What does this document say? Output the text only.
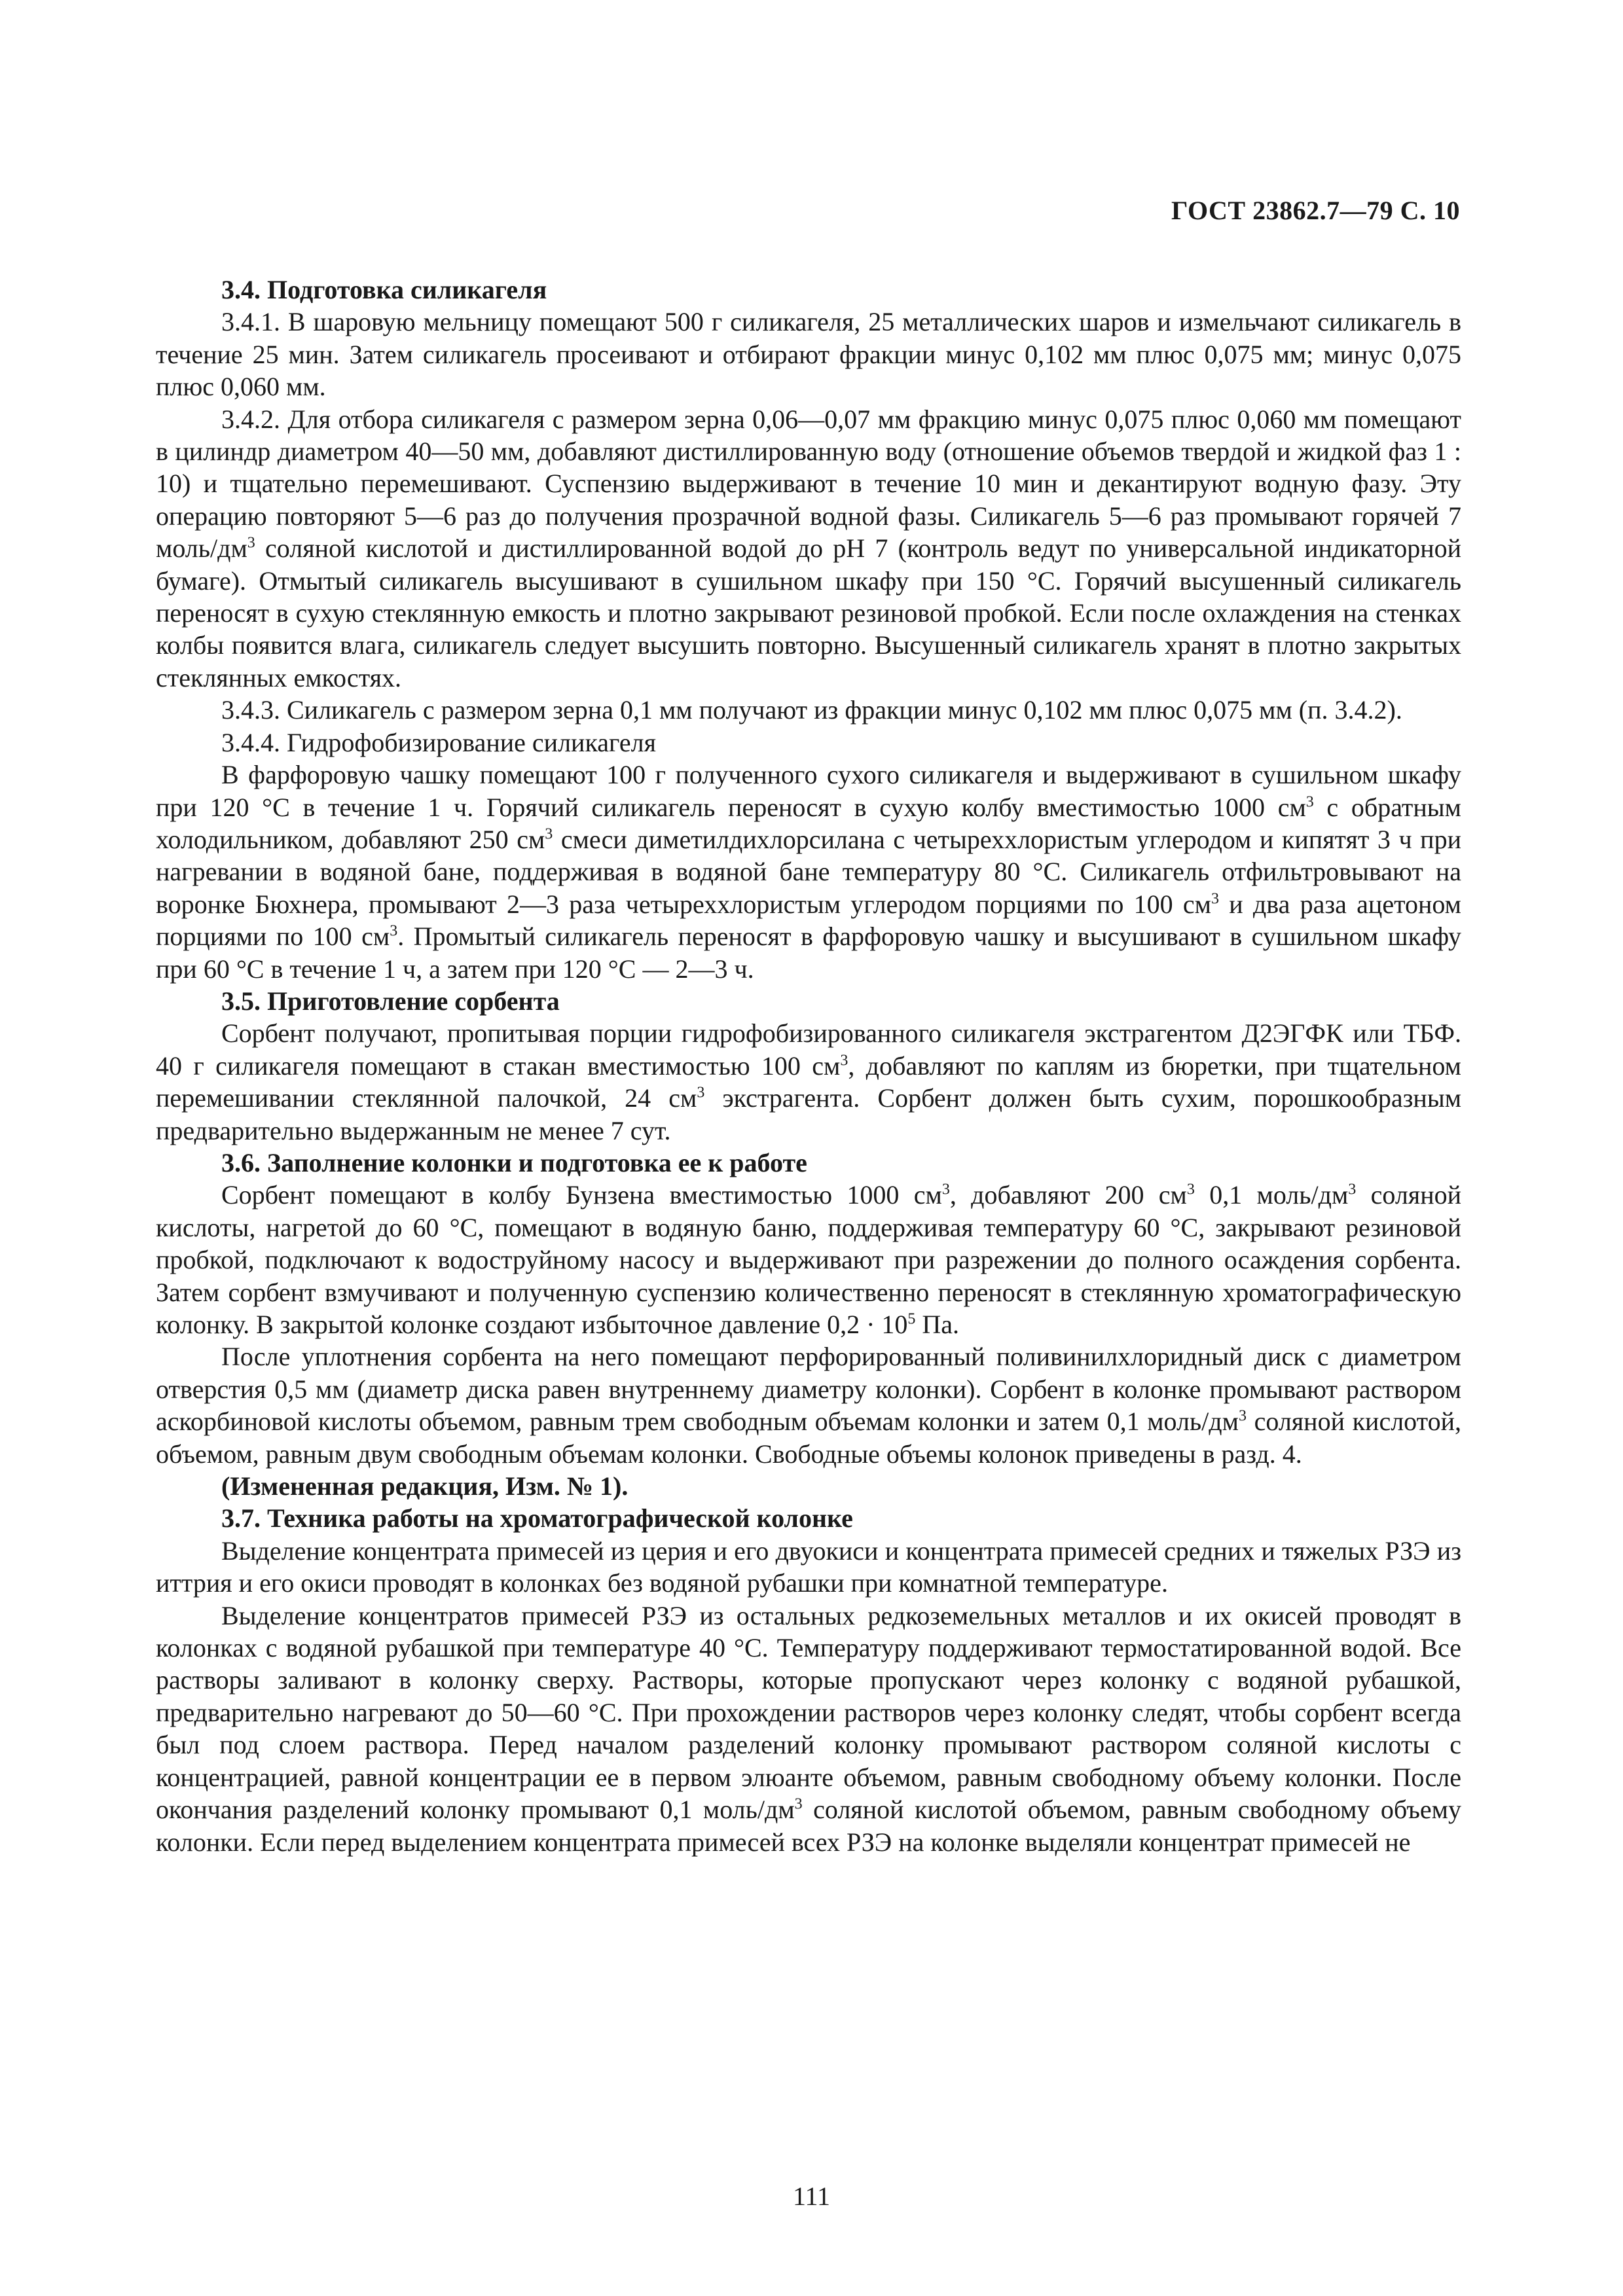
ГОСТ 23862.7—79 С. 10

3.4. Подготовка силикагеля

3.4.1. В шаровую мельницу помещают 500 г силикагеля, 25 металлических шаров и измельчают силикагель в течение 25 мин. Затем силикагель просеивают и отбирают фракции минус 0,102 мм плюс 0,075 мм; минус 0,075 плюс 0,060 мм.

3.4.2. Для отбора силикагеля с размером зерна 0,06—0,07 мм фракцию минус 0,075 плюс 0,060 мм помещают в цилиндр диаметром 40—50 мм, добавляют дистиллированную воду (отношение объемов твердой и жидкой фаз 1 : 10) и тщательно перемешивают. Суспензию выдерживают в течение 10 мин и декантируют водную фазу. Эту операцию повторяют 5—6 раз до получения прозрачной водной фазы. Силикагель 5—6 раз промывают горячей 7 моль/$дм^3$ соляной кислотой и дистиллированной водой до pH 7 (контроль ведут по универсальной индикаторной бумаге). Отмытый силикагель высушивают в сушильном шкафу при 150 °С. Горячий высушенный силикагель переносят в сухую стеклянную емкость и плотно закрывают резиновой пробкой. Если после охлаждения на стенках колбы появится влага, силикагель следует высушить повторно. Высушенный силикагель хранят в плотно закрытых стеклянных емкостях.

3.4.3. Силикагель с размером зерна 0,1 мм получают из фракции минус 0,102 мм плюс 0,075 мм (п. 3.4.2).

3.4.4. Гидрофобизирование силикагеля

В фарфоровую чашку помещают 100 г полученного сухого силикагеля и выдерживают в сушильном шкафу при 120 °С в течение 1 ч. Горячий силикагель переносят в сухую колбу вместимостью 1000 $см^3$ с обратным холодильником, добавляют 250 $см^3$ смеси диметилдихлорсилана с четыреххлористым углеродом и кипятят 3 ч при нагревании в водяной бане, поддерживая в водяной бане температуру 80 °С. Силикагель отфильтровывают на воронке Бюхнера, промывают 2—3 раза четыреххлористым углеродом порциями по 100 $см^3$ и два раза ацетоном порциями по 100 $см^3$. Промытый силикагель переносят в фарфоровую чашку и высушивают в сушильном шкафу при 60 °С в течение 1 ч, а затем при 120 °С — 2—3 ч.

3.5. Приготовление сорбента

Сорбент получают, пропитывая порции гидрофобизированного силикагеля экстрагентом Д2ЭГФК или ТБФ. 40 г силикагеля помещают в стакан вместимостью 100 $см^3$, добавляют по каплям из бюретки, при тщательном перемешивании стеклянной палочкой, 24 $см^3$ экстрагента. Сорбент должен быть сухим, порошкообразным предварительно выдержанным не менее 7 сут.

3.6. Заполнение колонки и подготовка ее к работе

Сорбент помещают в колбу Бунзена вместимостью 1000 $см^3$, добавляют 200 $см^3$ 0,1 моль/$дм^3$ соляной кислоты, нагретой до 60 °С, помещают в водяную баню, поддерживая температуру 60 °С, закрывают резиновой пробкой, подключают к водоструйному насосу и выдерживают при разрежении до полного осаждения сорбента. Затем сорбент взмучивают и полученную суспензию количественно переносят в стеклянную хроматографическую колонку. В закрытой колонке создают избыточное давление $0,2 \cdot 10^5$ Па.

После уплотнения сорбента на него помещают перфорированный поливинилхлоридный диск с диаметром отверстия 0,5 мм (диаметр диска равен внутреннему диаметру колонки). Сорбент в колонке промывают раствором аскорбиновой кислоты объемом, равным трем свободным объемам колонки и затем 0,1 моль/$дм^3$ соляной кислотой, объемом, равным двум свободным объемам колонки. Свободные объемы колонок приведены в разд. 4.

(Измененная редакция, Изм. № 1).

3.7. Техника работы на хроматографической колонке

Выделение концентрата примесей из церия и его двуокиси и концентрата примесей средних и тяжелых РЗЭ из иттрия и его окиси проводят в колонках без водяной рубашки при комнатной температуре.

Выделение концентратов примесей РЗЭ из остальных редкоземельных металлов и их окисей проводят в колонках с водяной рубашкой при температуре 40 °С. Температуру поддерживают термостатированной водой. Все растворы заливают в колонку сверху. Растворы, которые пропускают через колонку с водяной рубашкой, предварительно нагревают до 50—60 °С. При прохождении растворов через колонку следят, чтобы сорбент всегда был под слоем раствора. Перед началом разделений колонку промывают раствором соляной кислоты с концентрацией, равной концентрации ее в первом элюанте объемом, равным свободному объему колонки. После окончания разделений колонку промывают 0,1 моль/$дм^3$ соляной кислотой объемом, равным свободному объему колонки. Если перед выделением концентрата примесей всех РЗЭ на колонке выделяли концентрат примесей не

111
